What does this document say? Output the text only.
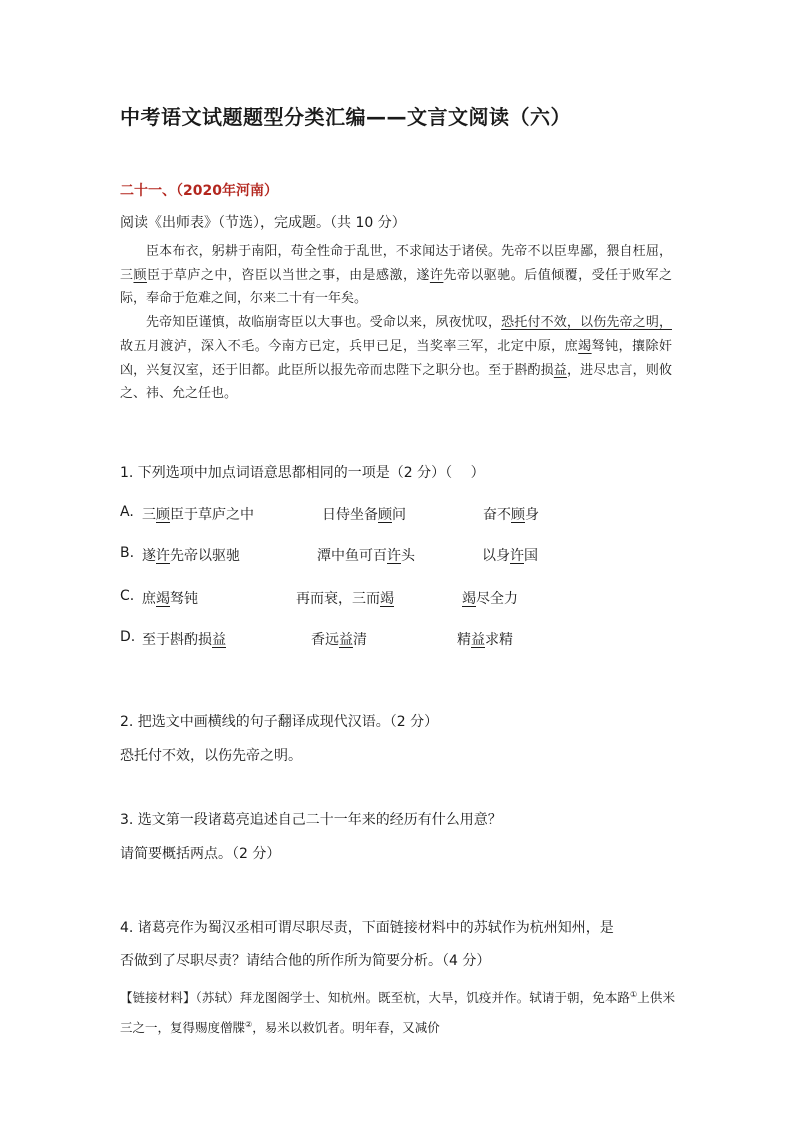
中考语文试题题型分类汇编——文言文阅读（六）
二十一、（2020年河南）
阅读《出师表》（节选），完成题。（共 10 分）

臣本布衣，躬耕于南阳，苟全性命于乱世，不求闻达于诸侯。先帝不以臣卑鄙，猥自枉屈，三顾臣于草庐之中，咨臣以当世之事，由是感激，遂许先帝以驱驰。后值倾覆，受任于败军之际，奉命于危难之间，尔来二十有一年矣。

先帝知臣谨慎，故临崩寄臣以大事也。受命以来，夙夜忧叹，恐托付不效，以伤先帝之明，故五月渡泸，深入不毛。今南方已定，兵甲已足，当奖率三军，北定中原，庶竭驽钝，攘除奸凶，兴复汉室，还于旧都。此臣所以报先帝而忠陛下之职分也。至于斟酌损益，进尽忠言，则攸之、祎、允之任也。

1. 下列选项中加点词语意思都相同的一项是（2 分）（　 ）
A. 三顾臣于草庐之中	日侍坐备顾问	奋不顾身
B. 遂许先帝以驱驰	潭中鱼可百许头	以身许国
C. 庶竭驽钝	再而衰，三而竭	竭尽全力
D. 至于斟酌损益	香远益清	精益求精
2. 把选文中画横线的句子翻译成现代汉语。（2 分）
恐托付不效，以伤先帝之明。
3. 选文第一段诸葛亮追述自己二十一年来的经历有什么用意？
请简要概括两点。（2 分）
4. 诸葛亮作为蜀汉丞相可谓尽职尽责，下面链接材料中的苏轼作为杭州知州，是
否做到了尽职尽责？请结合他的所作所为简要分析。（4 分）
【链接材料】（苏轼）拜龙图阁学士、知杭州。既至杭，大旱，饥疫并作。轼请于朝，免本路①上供米三之一，复得赐度僧牒②，易米以救饥者。明年春，又减价
